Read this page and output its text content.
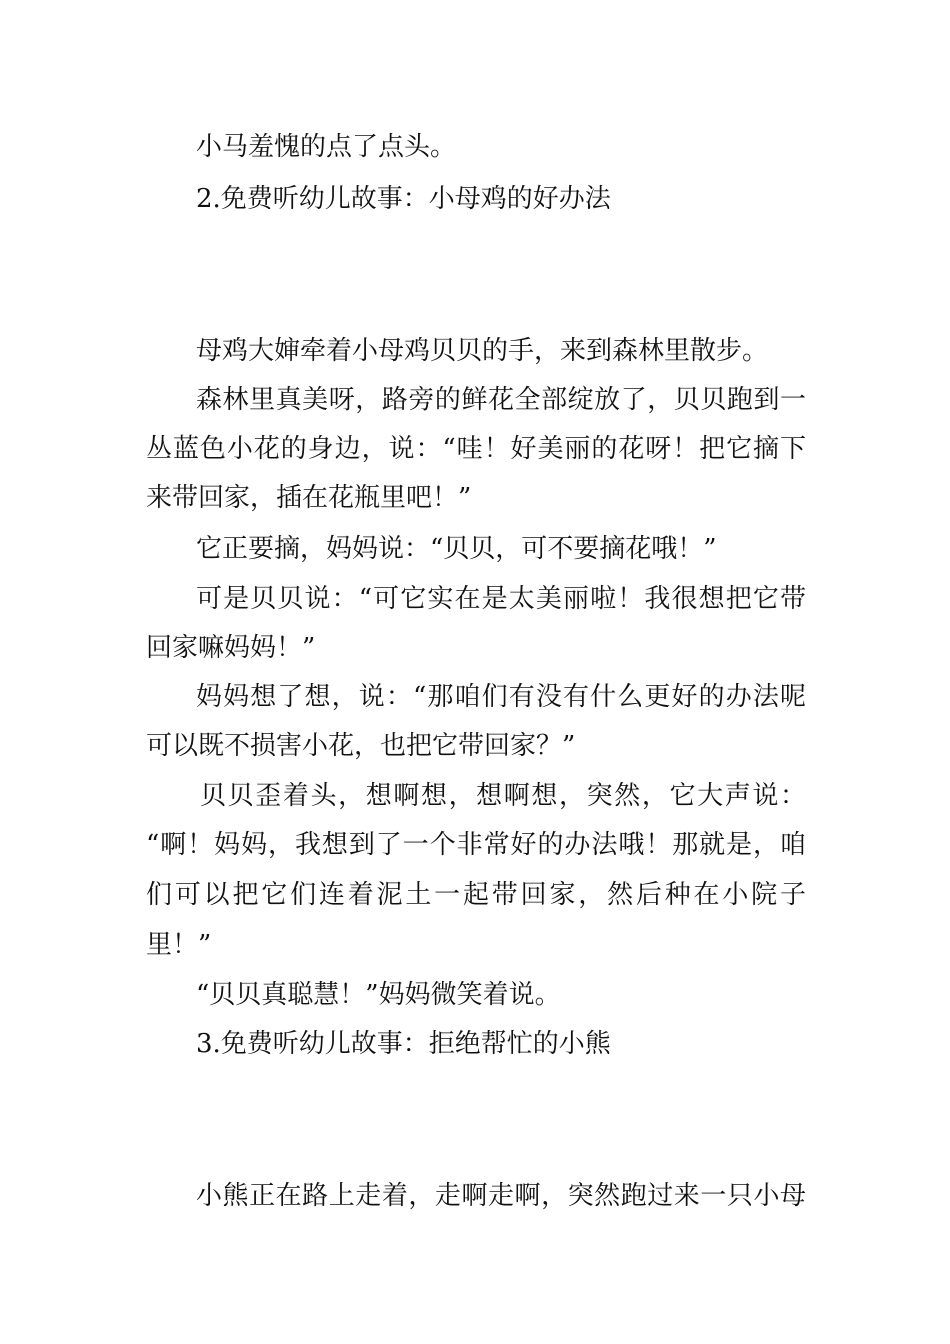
小马羞愧的点了点头。

2.免费听幼儿故事：小母鸡的好办法

母鸡大婶牵着小母鸡贝贝的手，来到森林里散步。

森林里真美呀，路旁的鲜花全部绽放了，贝贝跑到一

丛蓝色小花的身边，说：“哇！好美丽的花呀！把它摘下

来带回家，插在花瓶里吧！”

它正要摘，妈妈说：“贝贝，可不要摘花哦！”

可是贝贝说：“可它实在是太美丽啦！我很想把它带

回家嘛妈妈！”

妈妈想了想，说：“那咱们有没有什么更好的办法呢

可以既不损害小花，也把它带回家？”

贝贝歪着头，想啊想，想啊想，突然，它大声说：

“啊！妈妈，我想到了一个非常好的办法哦！那就是，咱

们可以把它们连着泥土一起带回家，然后种在小院子

里！”

“贝贝真聪慧！”妈妈微笑着说。

3.免费听幼儿故事：拒绝帮忙的小熊

小熊正在路上走着，走啊走啊，突然跑过来一只小母
